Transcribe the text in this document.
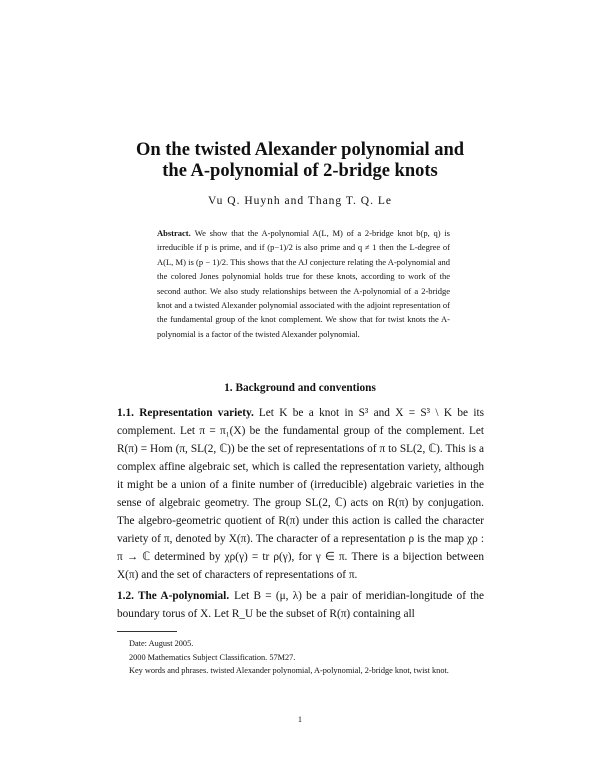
On the twisted Alexander polynomial and
the A-polynomial of 2-bridge knots

Vu Q. Huynh and Thang T. Q. Le

Abstract. We show that the A-polynomial A(L, M) of a 2-bridge knot b(p, q) is irreducible if p is prime, and if (p−1)/2 is also prime and q ≠ 1 then the L-degree of A(L, M) is (p − 1)/2. This shows that the AJ conjecture relating the A-polynomial and the colored Jones polynomial holds true for these knots, according to work of the second author. We also study relationships between the A-polynomial of a 2-bridge knot and a twisted Alexander polynomial associated with the adjoint representation of the fundamental group of the knot complement. We show that for twist knots the A-polynomial is a factor of the twisted Alexander polynomial.

1. Background and conventions

1.1. Representation variety. Let K be a knot in S³ and X = S³ \ K be its complement. Let π = π₁(X) be the fundamental group of the complement. Let R(π) = Hom (π, SL(2, ℂ)) be the set of representations of π to SL(2, ℂ). This is a complex affine algebraic set, which is called the representation variety, although it might be a union of a finite number of (irreducible) algebraic varieties in the sense of algebraic geometry. The group SL(2, ℂ) acts on R(π) by conjugation. The algebro-geometric quotient of R(π) under this action is called the character variety of π, denoted by X(π). The character of a representation ρ is the map χρ : π → ℂ determined by χρ(γ) = tr ρ(γ), for γ ∈ π. There is a bijection between X(π) and the set of characters of representations of π.

1.2. The A-polynomial. Let B = (μ, λ) be a pair of meridian-longitude of the boundary torus of X. Let R_U be the subset of R(π) containing all

Date: August 2005.

2000 Mathematics Subject Classification. 57M27.

Key words and phrases. twisted Alexander polynomial, A-polynomial, 2-bridge knot, twist knot.

1
